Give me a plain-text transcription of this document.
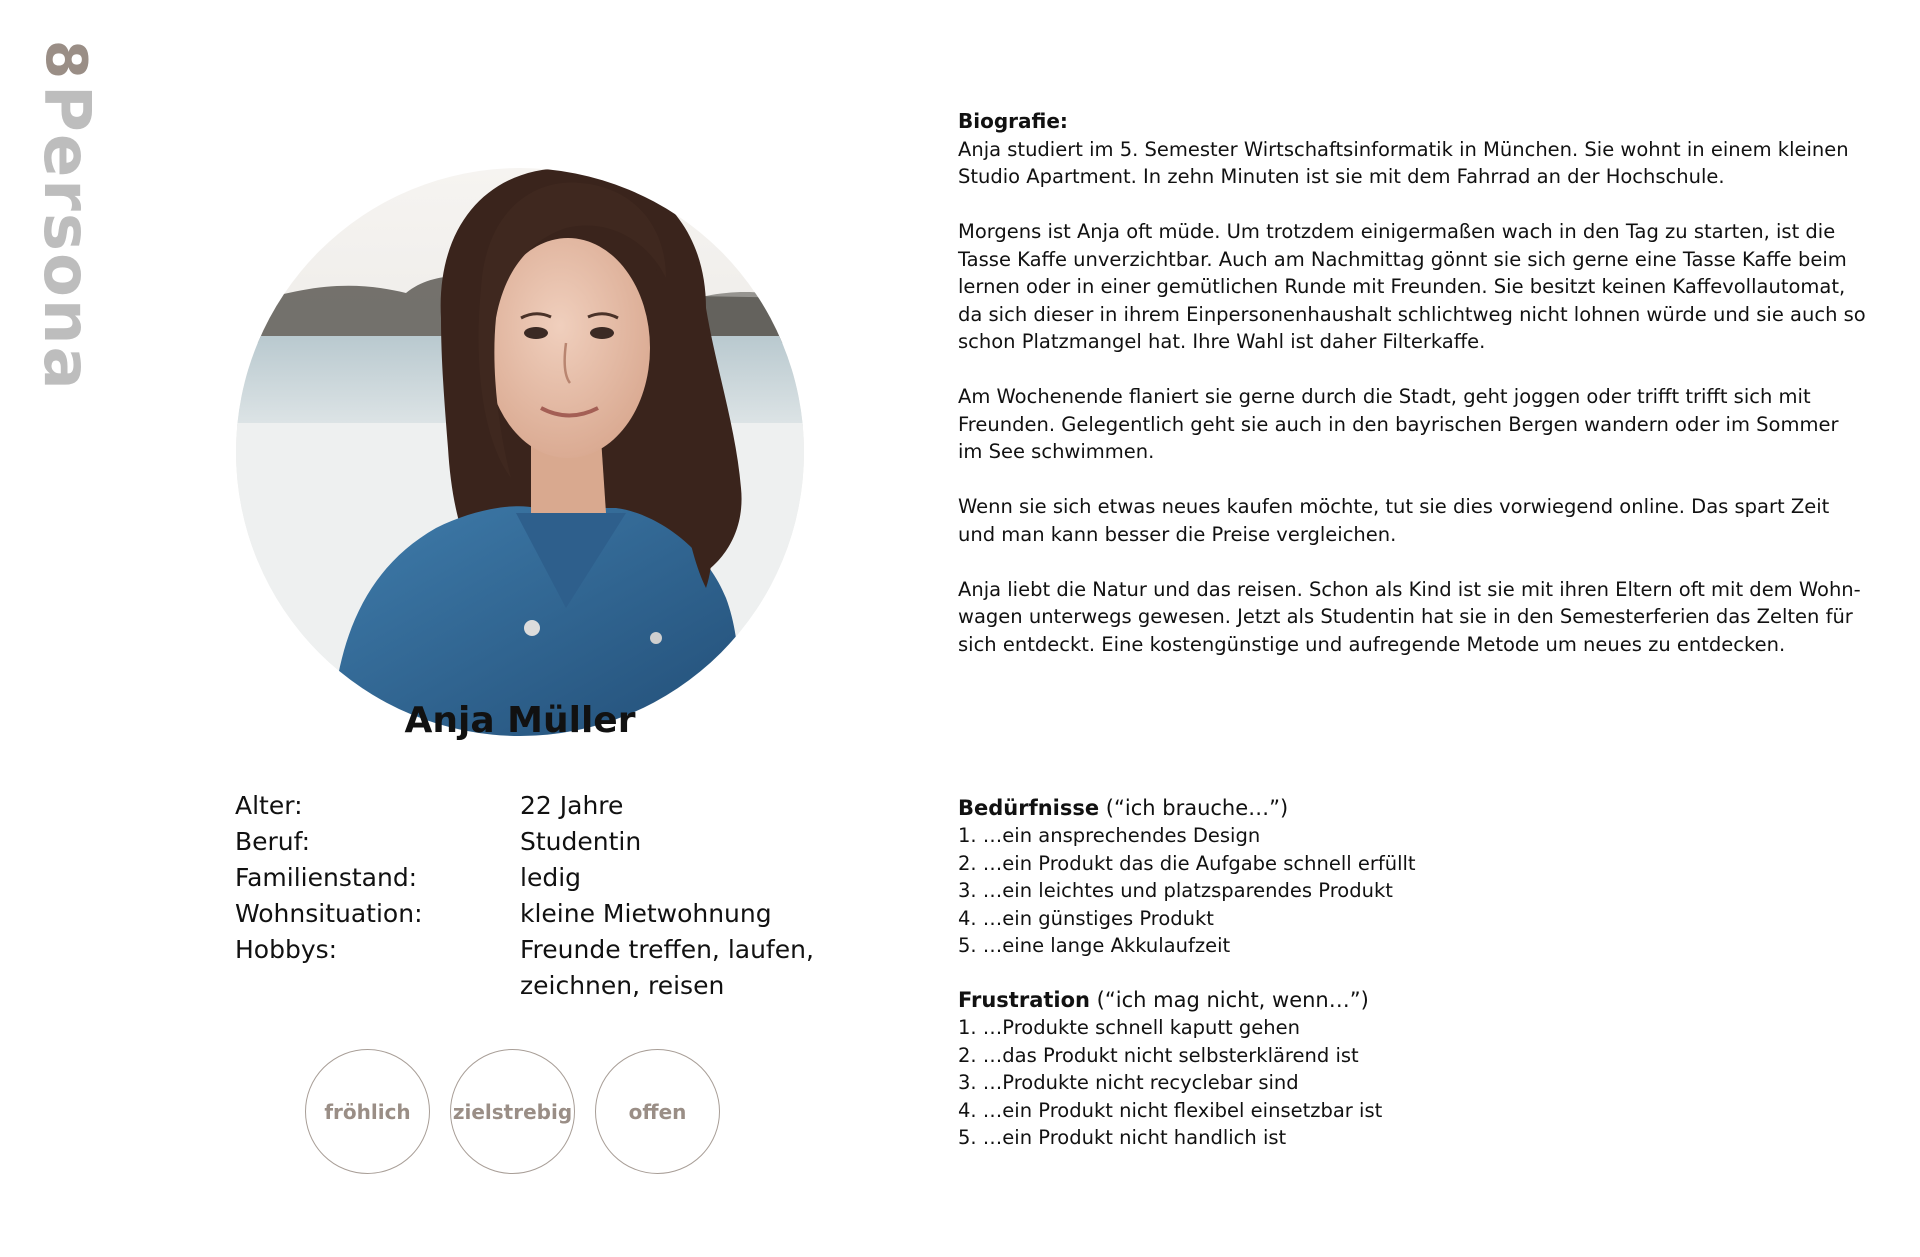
8
Persona
Anja Müller
Alter:	22 Jahre
Beruf:	Studentin
Familienstand:	ledig
Wohnsituation:	kleine Mietwohnung
Hobbys:	Freunde treffen, laufen,
zeichnen, reisen
fröhlich	zielstrebig	offen
Biografie:

Anja studiert im 5. Semester Wirtschaftsinformatik in München. Sie wohnt in einem kleinen Studio Apartment. In zehn Minuten ist sie mit dem Fahrrad an der Hochschule.

Morgens ist Anja oft müde. Um trotzdem einigermaßen wach in den Tag zu starten, ist die Tasse Kaffe unverzichtbar. Auch am Nachmittag gönnt sie sich gerne eine Tasse Kaffe beim lernen oder in einer gemütlichen Runde mit Freunden. Sie besitzt keinen Kaffevollautomat, da sich dieser in ihrem Einpersonenhaushalt schlichtweg nicht lohnen würde und sie auch so schon Platzmangel hat. Ihre Wahl ist daher Filterkaffe.

Am Wochenende flaniert sie gerne durch die Stadt, geht joggen oder trifft trifft sich mit Freunden. Gelegentlich geht sie auch in den bayrischen Bergen wandern oder im Sommer im See schwimmen.

Wenn sie sich etwas neues kaufen möchte, tut sie dies vorwiegend online. Das spart Zeit und man kann besser die Preise vergleichen.

Anja liebt die Natur und das reisen. Schon als Kind ist sie mit ihren Eltern oft mit dem Wohn-wagen unterwegs gewesen. Jetzt als Studentin hat sie in den Semesterferien das Zelten für sich entdeckt. Eine kostengünstige und aufregende Metode um neues zu entdecken.

Bedürfnisse (“ich brauche…”)
1. …ein ansprechendes Design
2. …ein Produkt das die Aufgabe schnell erfüllt
3. …ein leichtes und platzsparendes Produkt
4. …ein günstiges Produkt
5. …eine lange Akkulaufzeit
Frustration (“ich mag nicht, wenn…”)
1. …Produkte schnell kaputt gehen
2. …das Produkt nicht selbsterklärend ist
3. …Produkte nicht recyclebar sind
4. …ein Produkt nicht flexibel einsetzbar ist
5. …ein Produkt nicht handlich ist
